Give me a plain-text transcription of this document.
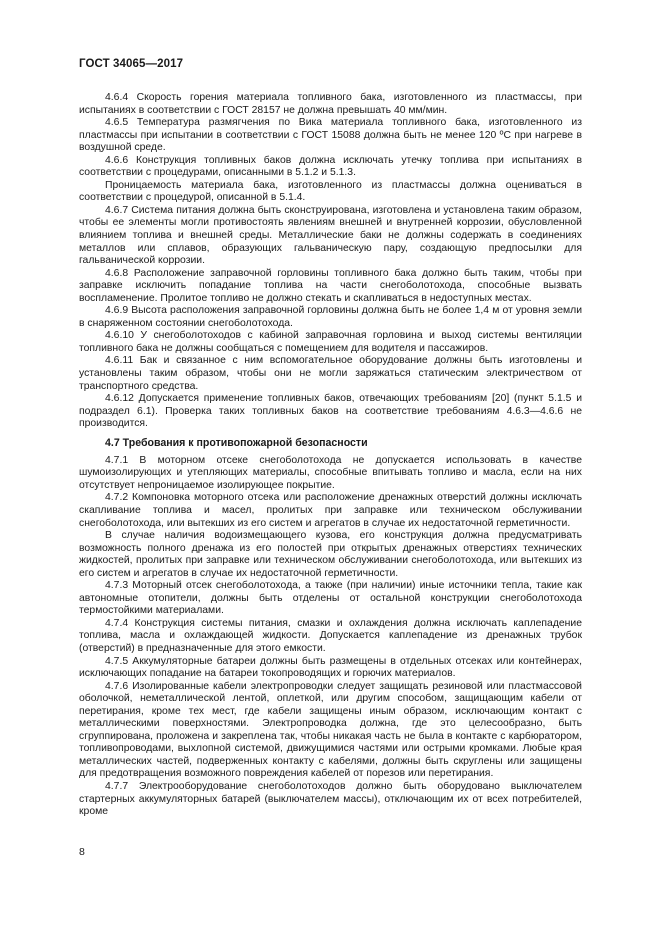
ГОСТ 34065—2017

4.6.4 Скорость горения материала топливного бака, изготовленного из пластмассы, при испытаниях в соответствии с ГОСТ 28157 не должна превышать 40 мм/мин.

4.6.5 Температура размягчения по Вика материала топливного бака, изготовленного из пластмассы при испытании в соответствии с ГОСТ 15088 должна быть не менее 120 ºС при нагреве в воздушной среде.

4.6.6 Конструкция топливных баков должна исключать утечку топлива при испытаниях в соответствии с процедурами, описанными в 5.1.2 и 5.1.3.

Проницаемость материала бака, изготовленного из пластмассы должна оцениваться в соответствии с процедурой, описанной в 5.1.4.

4.6.7 Система питания должна быть сконструирована, изготовлена и установлена таким образом, чтобы ее элементы могли противостоять явлениям внешней и внутренней коррозии, обусловленной влиянием топлива и внешней среды. Металлические баки не должны содержать в соединениях металлов или сплавов, образующих гальваническую пару, создающую предпосылки для гальванической коррозии.

4.6.8 Расположение заправочной горловины топливного бака должно быть таким, чтобы при заправке исключить попадание топлива на части снегоболотохода, способные вызвать воспламенение. Пролитое топливо не должно стекать и скапливаться в недоступных местах.

4.6.9 Высота расположения заправочной горловины должна быть не более 1,4 м от уровня земли в снаряженном состоянии снегоболотохода.

4.6.10 У снегоболотоходов с кабиной заправочная горловина и выход системы вентиляции топливного бака не должны сообщаться с помещением для водителя и пассажиров.

4.6.11 Бак и связанное с ним вспомогательное оборудование должны быть изготовлены и установлены таким образом, чтобы они не могли заряжаться статическим электричеством от транспортного средства.

4.6.12 Допускается применение топливных баков, отвечающих требованиям [20] (пункт 5.1.5 и подраздел 6.1). Проверка таких топливных баков на соответствие требованиям 4.6.3—4.6.6 не производится.

4.7 Требования к противопожарной безопасности

4.7.1 В моторном отсеке снегоболотохода не допускается использовать в качестве шумоизолирующих и утепляющих материалы, способные впитывать топливо и масла, если на них отсутствует непроницаемое изолирующее покрытие.

4.7.2 Компоновка моторного отсека или расположение дренажных отверстий должны исключать скапливание топлива и масел, пролитых при заправке или техническом обслуживании снегоболотохода, или вытекших из его систем и агрегатов в случае их недостаточной герметичности.

В случае наличия водоизмещающего кузова, его конструкция должна предусматривать возможность полного дренажа из его полостей при открытых дренажных отверстиях технических жидкостей, пролитых при заправке или техническом обслуживании снегоболотохода, или вытекших из его систем и агрегатов в случае их недостаточной герметичности.

4.7.3 Моторный отсек снегоболотохода, а также (при наличии) иные источники тепла, такие как автономные отопители, должны быть отделены от остальной конструкции снегоболотохода термостойкими материалами.

4.7.4 Конструкция системы питания, смазки и охлаждения должна исключать каплепадение топлива, масла и охлаждающей жидкости. Допускается каплепадение из дренажных трубок (отверстий) в предназначенные для этого емкости.

4.7.5 Аккумуляторные батареи должны быть размещены в отдельных отсеках или контейнерах, исключающих попадание на батареи токопроводящих и горючих материалов.

4.7.6 Изолированные кабели электропроводки следует защищать резиновой или пластмассовой оболочкой, неметаллической лентой, оплеткой, или другим способом, защищающим кабели от перетирания, кроме тех мест, где кабели защищены иным образом, исключающим контакт с металлическими поверхностями. Электропроводка должна, где это целесообразно, быть сгруппирована, проложена и закреплена так, чтобы никакая часть не была в контакте с карбюратором, топливопроводами, выхлопной системой, движущимися частями или острыми кромками. Любые края металлических частей, подверженных контакту с кабелями, должны быть скруглены или защищены для предотвращения возможного повреждения кабелей от порезов или перетирания.

4.7.7 Электрооборудование снегоболотоходов должно быть оборудовано выключателем стартерных аккумуляторных батарей (выключателем массы), отключающим их от всех потребителей, кроме

8
